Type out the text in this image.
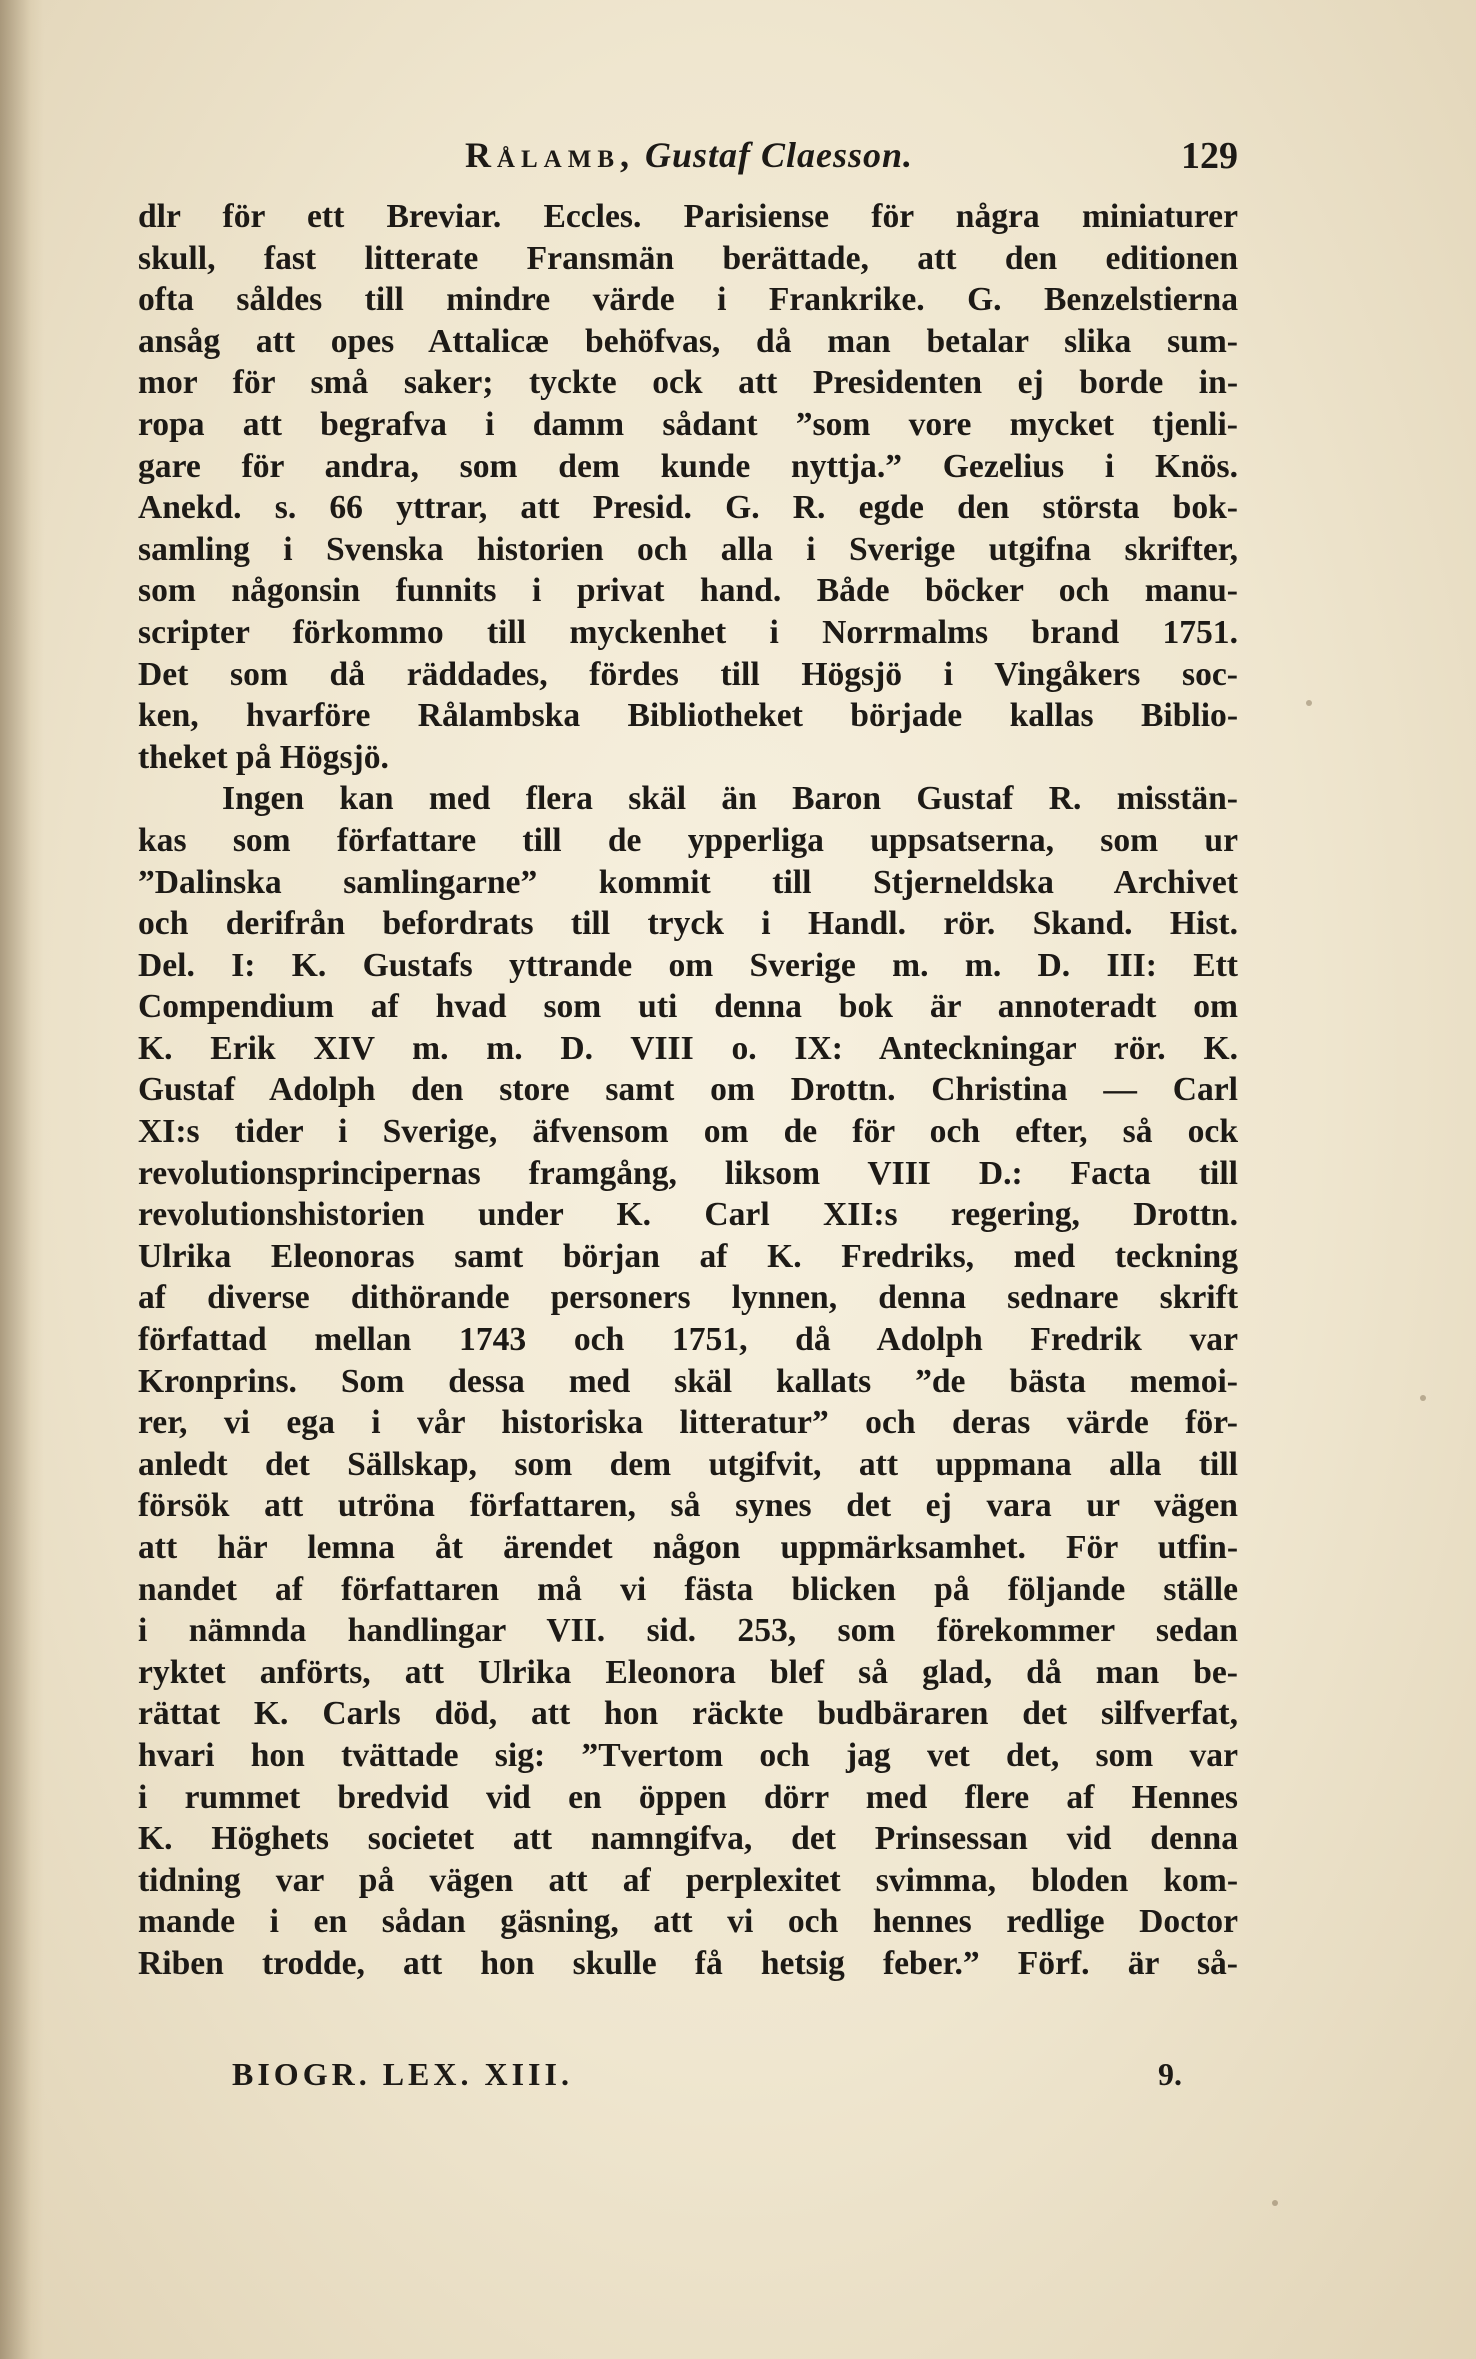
Rålamb, Gustaf Claesson.	129
dlr för ett Breviar. Eccles. Parisiense för några miniaturer
skull, fast litterate Fransmän berättade, att den editionen
ofta såldes till mindre värde i Frankrike. G. Benzelstierna
ansåg att opes Attalicæ behöfvas, då man betalar slika sum-
mor för små saker; tyckte ock att Presidenten ej borde in-
ropa att begrafva i damm sådant ”som vore mycket tjenli-
gare för andra, som dem kunde nyttja.” Gezelius i Knös.
Anekd. s. 66 yttrar, att Presid. G. R. egde den största bok-
samling i Svenska historien och alla i Sverige utgifna skrifter,
som någonsin funnits i privat hand. Både böcker och manu-
scripter förkommo till myckenhet i Norrmalms brand 1751.
Det som då räddades, fördes till Högsjö i Vingåkers soc-
ken, hvarföre Rålambska Bibliotheket började kallas Biblio-
theket på Högsjö.
Ingen kan med flera skäl än Baron Gustaf R. misstän-
kas som författare till de ypperliga uppsatserna, som ur
”Dalinska samlingarne” kommit till Stjerneldska Archivet
och derifrån befordrats till tryck i Handl. rör. Skand. Hist.
Del. I: K. Gustafs yttrande om Sverige m. m. D. III: Ett
Compendium af hvad som uti denna bok är annoteradt om
K. Erik XIV m. m. D. VIII o. IX: Anteckningar rör. K.
Gustaf Adolph den store samt om Drottn. Christina — Carl
XI:s tider i Sverige, äfvensom om de för och efter, så ock
revolutionsprincipernas framgång, liksom VIII D.: Facta till
revolutionshistorien under K. Carl XII:s regering, Drottn.
Ulrika Eleonoras samt början af K. Fredriks, med teckning
af diverse dithörande personers lynnen, denna sednare skrift
författad mellan 1743 och 1751, då Adolph Fredrik var
Kronprins. Som dessa med skäl kallats ”de bästa memoi-
rer, vi ega i vår historiska litteratur” och deras värde för-
anledt det Sällskap, som dem utgifvit, att uppmana alla till
försök att utröna författaren, så synes det ej vara ur vägen
att här lemna åt ärendet någon uppmärksamhet. För utfin-
nandet af författaren må vi fästa blicken på följande ställe
i nämnda handlingar VII. sid. 253, som förekommer sedan
ryktet anförts, att Ulrika Eleonora blef så glad, då man be-
rättat K. Carls död, att hon räckte budbäraren det silfverfat,
hvari hon tvättade sig: ”Tvertom och jag vet det, som var
i rummet bredvid vid en öppen dörr med flere af Hennes
K. Höghets societet att namngifva, det Prinsessan vid denna
tidning var på vägen att af perplexitet svimma, bloden kom-
mande i en sådan gäsning, att vi och hennes redlige Doctor
Riben trodde, att hon skulle få hetsig feber.” Förf. är så-
BIOGR. LEX. XIII.	9.
